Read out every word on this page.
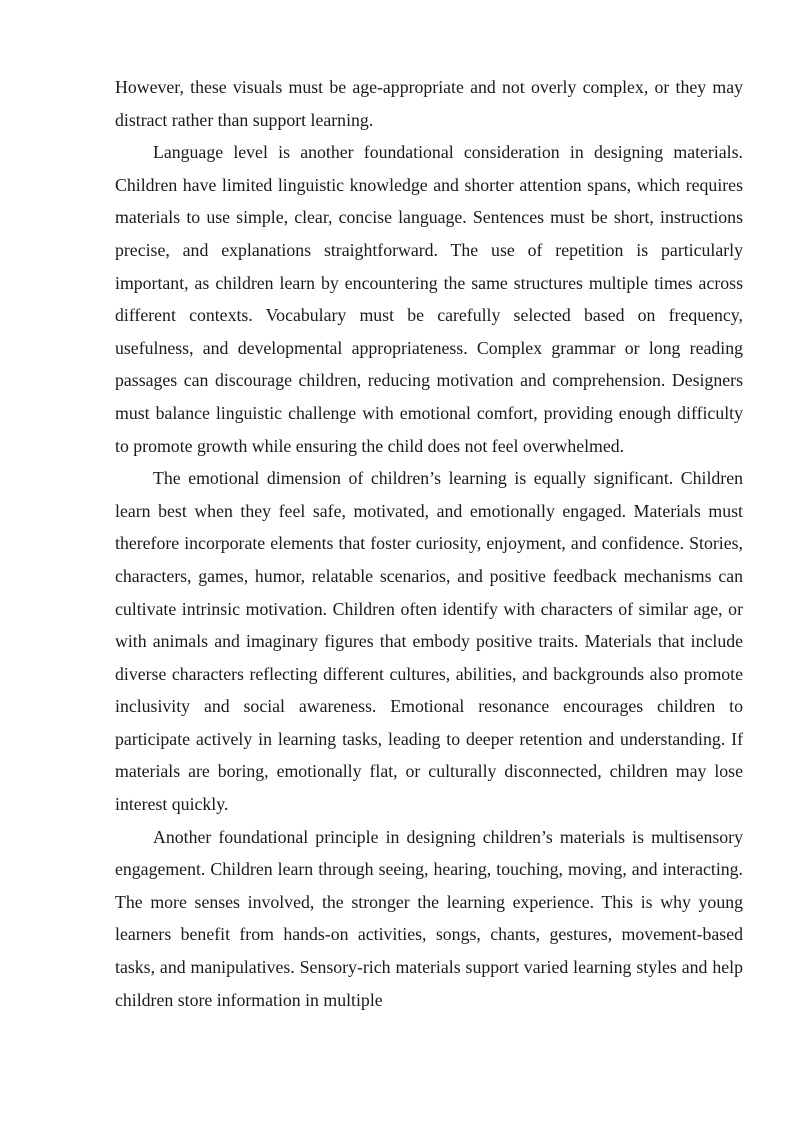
However, these visuals must be age-appropriate and not overly complex, or they may distract rather than support learning.

Language level is another foundational consideration in designing materials. Children have limited linguistic knowledge and shorter attention spans, which requires materials to use simple, clear, concise language. Sentences must be short, instructions precise, and explanations straightforward. The use of repetition is particularly important, as children learn by encountering the same structures multiple times across different contexts. Vocabulary must be carefully selected based on frequency, usefulness, and developmental appropriateness. Complex grammar or long reading passages can discourage children, reducing motivation and comprehension. Designers must balance linguistic challenge with emotional comfort, providing enough difficulty to promote growth while ensuring the child does not feel overwhelmed.

The emotional dimension of children’s learning is equally significant. Children learn best when they feel safe, motivated, and emotionally engaged. Materials must therefore incorporate elements that foster curiosity, enjoyment, and confidence. Stories, characters, games, humor, relatable scenarios, and positive feedback mechanisms can cultivate intrinsic motivation. Children often identify with characters of similar age, or with animals and imaginary figures that embody positive traits. Materials that include diverse characters reflecting different cultures, abilities, and backgrounds also promote inclusivity and social awareness. Emotional resonance encourages children to participate actively in learning tasks, leading to deeper retention and understanding. If materials are boring, emotionally flat, or culturally disconnected, children may lose interest quickly.

Another foundational principle in designing children’s materials is multisensory engagement. Children learn through seeing, hearing, touching, moving, and interacting. The more senses involved, the stronger the learning experience. This is why young learners benefit from hands-on activities, songs, chants, gestures, movement-based tasks, and manipulatives. Sensory-rich materials support varied learning styles and help children store information in multiple
